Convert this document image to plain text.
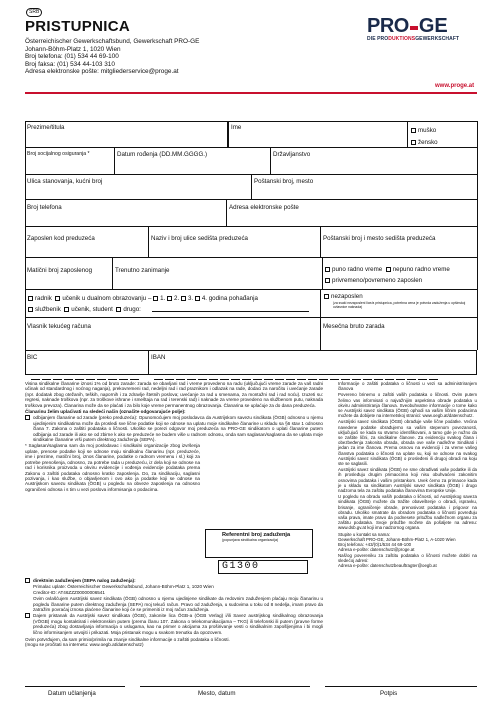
SRB
PRISTUPNICA
Österreichischer Gewerkschaftsbund, Gewerkschaft PRO-GE
Johann-Böhm-Platz 1, 1020 Wien
Broj telefona: (01) 534 44 69-100
Broj faksa: (01) 534 44-103 310
Adresa elektronske pošte: mitgliederservice@proge.at
PRO GE
DIE PRODUKTIONSGEWERKSCHAFT
www.proge.at
Prezime/titula	Ime	muško
žensko
Broj socijalnog osiguranja *	Datum rođenja (DD.MM.GGGG.)	Državljanstvo
Ulica stanovanja, kućni broj	Poštanski broj, mesto
Broj telefona	Adresa elektronske pošte
Zaposlen kod preduzeća	Naziv i broj ulice sedišta preduzeća	Poštanski broj i mesto sedišta preduzeća
Matični broj zaposlenog	Trenutno zanimanje	puno radno vreme nepuno radno vreme
privremeno/povremeno zaposlen
radnik učenik u dualnom obrazovanju – 1. 2. 3. 4. godina pohađanja
službenik učenik, student drugo:
nezaposlen
(za svaki nezaposleni lice/a pristupnica, potrebna cena je potvrda zaduženja u opšinskoj ovlasnice naknada)
Vlasnik tekućeg računa	Mesečna bruto zarada
BIC	IBAN

Visina sindikalne članarine iznosi 1% od bruto zarade: zarada se obavljani rad i vreme provedeno na radu (uključujući vreme zarade za vaš radni učinak od standardnog i noćnog naganja), prekovremeni rad, nedeljni rad i rad praznikom i odlazak na rade, dodaci za naročitu i uvećanje zarade (npr. dodatak zbog otežanih, teških, napornih i za zdravlje štetnih poslova; uvećanje za rad u smenama, za montažni rad i rad noću). Izuzeti su: regresi, naknade troškova (npr. za troškove ishrane i smeštaja na rad i terenski rad) i naknade za vreme provedeno na službenom putu, naknada troškova prevoza). Članarina može da se plaćati i za bilo koje vreme permanentnog obrazovanja. Članarina se uplaćuje za do dana preduzeća.

Članarinu želim uplaćivati na sledeći način (označite odgovarajuće polje):

odbijanjem članarine od zarade (preko preduzeća): Opunomoćujem moj poslodavca da Austrijskom savezu sindikata (ÖGB) odnosno u njemu ujedinjenim sindikatima može da prosledi sve lične podatke koji se odnose na uplatu moje sindikalne članarine u skladu sa §6 stav 1 odnosno člana 7. Zakona o zaštiti podataka o ličnosti. Ukoliko se porezi odgovor moj preduzeća na PRO-GE sindikatom o uplati članarine putem odbijanja od zarade ili ako se od zbirne k ako se preduzeće ne budem više u radnom odnosu, onda sam saglasan/saglasna da se uplata moje sindikalne članarine vrši putem direktnog zaduženja (SEPA).

* Saglasan/saglasna sam da moj poslodavac i sindikalni organizacije zbog izvršenja uplate, prenose podatke koji se odnose moju sindikalnu članarinu (npr. preduzeće, ime i prezime, matični broj, iznos članarine, podatke o radnom vremenu i sl.) koji za potrebe prenošenja, odnosno, za potrebe rada u preduzeću, iz dela koji se odnose na rad i korisnika proizvoda u okviru evidencije i vođenja evidencije podataka prema Zakonu o zaštiti podataka odnosno kratko zaposlenja. Do, za sindikaciju, saglasni pozivanja, i kao službe, o objavljenom i ovo ako ja podatke koji se odnose na Austrijskom savezu sindikata (ÖGB) u pogledu na obveze zaposlenja na odnosno ograničeni odnosa i s tim u vezi poslova informisanja o podacima.

Referentni broj zaduženja
(popunjava sindikalna organizacija)
G1300

direktnim zaduženjem (SEPA nalog zaduženja):

Primalac uplate: Österreichischer Gewerkschaftsbund, Johann-Böhm-Platz 1, 1020 Wien

Creditor-ID: AT46ZZZ00000006541

Ovim ovlašćujem Austrijski savez sindikata (ÖGB) odnosno u njemu ujedinjene sindikate da redovnim zaduženjem plaćaju moju članarinu u pogledu članarine putem direktnog zaduženja (SEPA) moj tekući račun. Pravo od zaduženja, u sudovima u toku od 8 nedelja, imam pravo da zatražim povraćaj iznosa plaćene članarine koji će se primeniti iz moj račun zaduženja.

Dajem pristanak da Austrijski savez sindikata (ÖGB), zakonite lica ÖGB-a (ÖGB Verlag) i/ili Savez austrijskog sindikalnog obrazovanja (VÖGB) mogu kontaktirati i elektronskim putem (prema članu 107. Zakona o telekomunikacijama – TKG) ili telefonski ili putem (pravne forme preduzeća) zbog dostavljanja informacija o uslugama, kao na primer o akcijama za proširivanje vesti o sindikalnim zapošljenjima i bi mogli lično informisanjem usvojiti i prikazati. Moja pristanak mogu u svakom trenutku da opozovem.

Ovim potvrđujem, da sam primio/primila na znanje sindikalne informacije o zaštiti podataka o ličnosti.

(mogu se pročitati na internetu: www.oegb.at/datenschutz)

Informacije o zaštiti podataka o ličnosti u vezi sa administriranjem članova

Povereno brinemo o zaštiti vaših podataka o ličnosti. Ovim putem želimo vas informisati o najvažnijim aspektima obrade podataka u okviru administriranja članova. Sveobuhvatne informacije o tome kako se Austrijski savez sindikata (ÖGB) ophodi sa vašim ličnim podacima možete da dobijete na internetskoj stranici: www.oegb.at/datenschutz.

Austrijski savez sindikata (ÖGB) obrađuje vaše lične podatke. Većina navedene podatke obrađujemo sa vašim stepenom povezanosti, uključujući se kada su stvarno identifikovani, a tamo gde je nužno da se zaštite lični, za sindikalne članove. Za evidenciju svakog člana i obezbeđenja zakonita obrada, obrada ove vaše nadležne Sindikati i jedan za ime članova. Prema osnovu na evidenciji i za vreme vašeg članstva podataka o ličnosti na uplate su, koji se odnose na svakog Austrijski savez sindikata (ÖGB) o prosleđeni ili drugoj obradi na koju ste se saglasili.

Austrijski savez sindikata (ÖGB) ne sme obrađivati vaše podatke ili da ih prosleđuju drugim primaocima koji nisu obuhvaćeni zakonitim osnovima podataka i vašim pristankom. Uvek ćemo za primaoce kada je u skladu sa sindikatom Austrijski savez sindikata (ÖGB) i drugo nadzorna tela za zaštitu podataka članovima Evropske Unije.

U pogledu na obradu vaših podataka o ličnosti, od Austrijskog saveza sindikata (ÖGB) možete da tražite obaveštenje o obradi, ispravku, brisanje, ograničenje obrade, prenosivost podataka i prigovor na obradu. Ukoliko smatrate da obradom podataka o ličnosti povređuju vaša prava, imate pravo da podnesete pritužbu nadležnom organu za zaštitu podataka. Svoje pritužbe možete da pošaljete na adresu: www.dsb.gv.at koji ima nadzornog organa.

Stupite u kontakt sa nama:

Gewerkschaft PRO-GE, Johann-Böhm-Platz 1, A-1020 Wien

Broj telefona: +43/(0)1/534 44 69-100

Adresa e-pošte: datenschutz@proge.at

Naš/og povereniku za zaštitu podataka o ličnosti možete dobiti na sledećoj adresi:

Adresa e-pošte: datenschutzbeauftragter@oegb.at

Datum učlanjenja	Mesto, datum	Potpis
